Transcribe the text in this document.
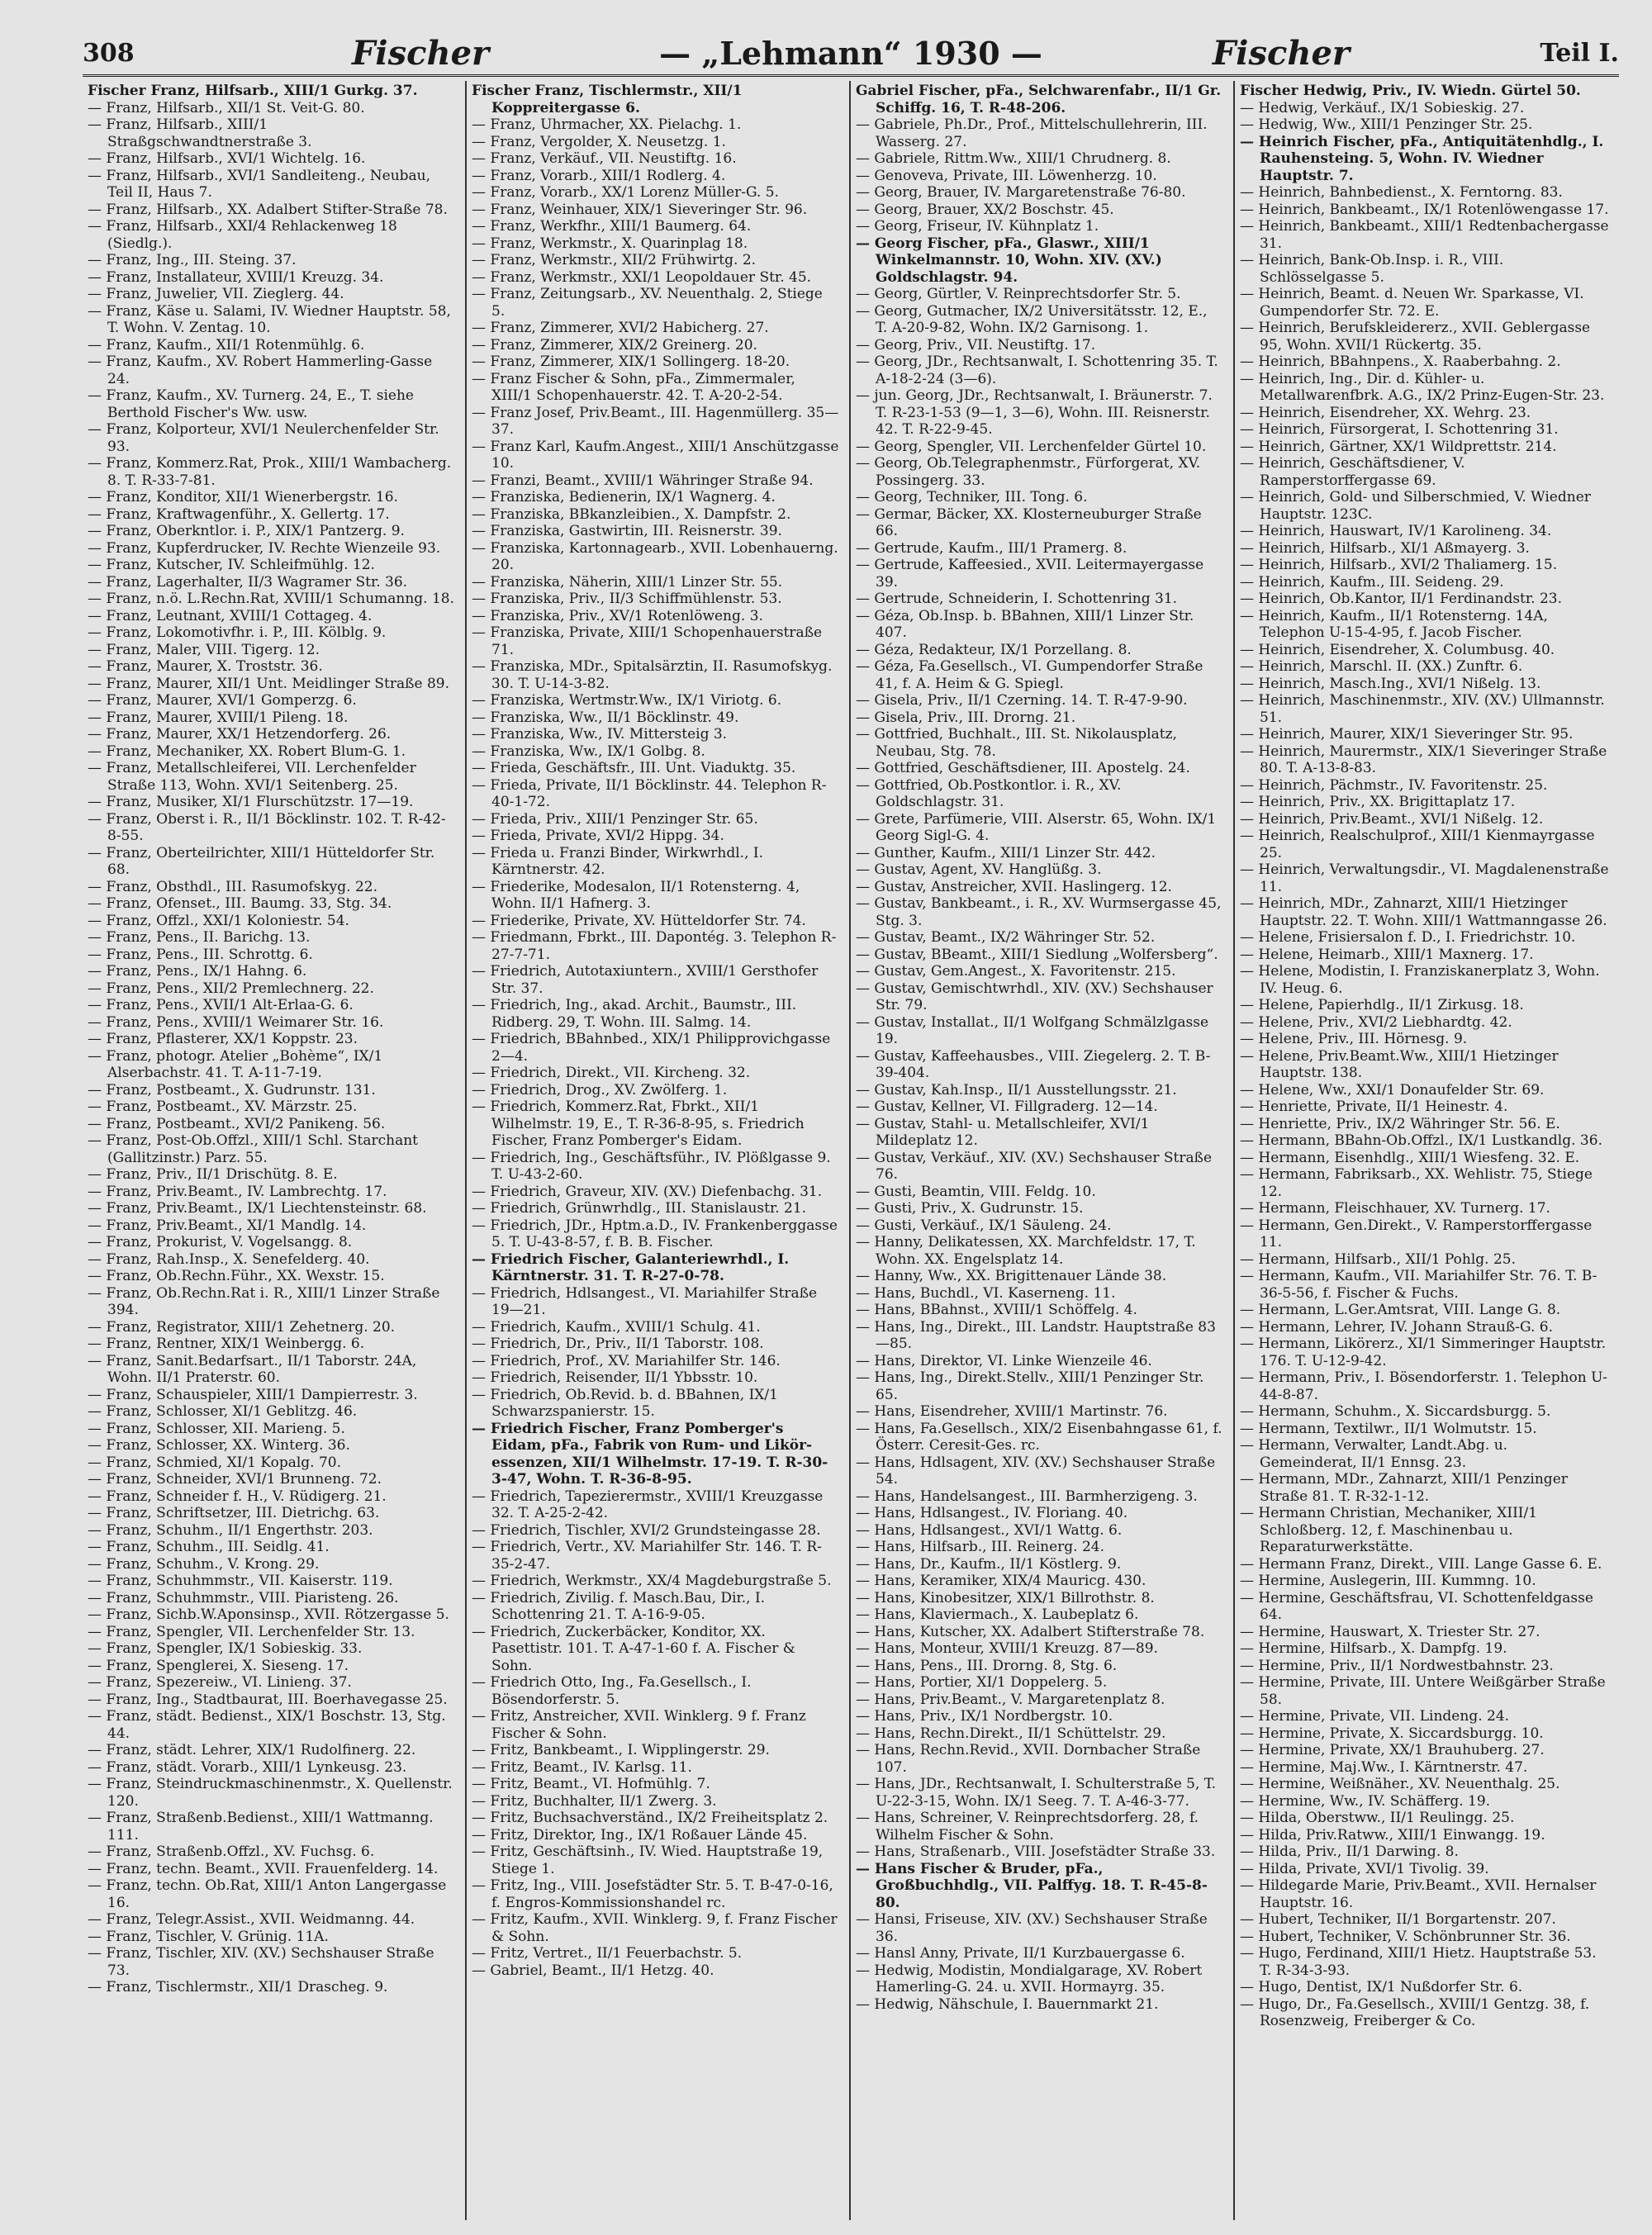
308	Fischer	— „Lehmann“ 1930 —	Fischer	Teil I.

Fischer Franz, Hilfsarb., XIII/1 Gurkg. 37.

— Franz, Hilfsarb., XII/1 St. Veit-G. 80.

— Franz, Hilfsarb., XIII/1 Straßgschwandtnerstraße 3.

— Franz, Hilfsarb., XVI/1 Wichtelg. 16.

— Franz, Hilfsarb., XVI/1 Sandleiteng., Neubau, Teil II, Haus 7.

— Franz, Hilfsarb., XX. Adalbert Stifter-Straße 78.

— Franz, Hilfsarb., XXI/4 Rehlackenweg 18 (Siedlg.).

— Franz, Ing., III. Steing. 37.

— Franz, Installateur, XVIII/1 Kreuzg. 34.

— Franz, Juwelier, VII. Zieglerg. 44.

— Franz, Käse u. Salami, IV. Wiedner Hauptstr. 58, T. Wohn. V. Zentag. 10.

— Franz, Kaufm., XII/1 Rotenmühlg. 6.

— Franz, Kaufm., XV. Robert Hammerling-Gasse 24.

— Franz, Kaufm., XV. Turnerg. 24, E., T. siehe Berthold Fischer's Ww. usw.

— Franz, Kolporteur, XVI/1 Neulerchenfelder Str. 93.

— Franz, Kommerz.Rat, Prok., XIII/1 Wambacherg. 8. T. R-33-7-81.

— Franz, Konditor, XII/1 Wienerbergstr. 16.

— Franz, Kraftwagenführ., X. Gellertg. 17.

— Franz, Oberkntlor. i. P., XIX/1 Pantzerg. 9.

— Franz, Kupferdrucker, IV. Rechte Wienzeile 93.

— Franz, Kutscher, IV. Schleifmühlg. 12.

— Franz, Lagerhalter, II/3 Wagramer Str. 36.

— Franz, n.ö. L.Rechn.Rat, XVIII/1 Schumanng. 18.

— Franz, Leutnant, XVIII/1 Cottageg. 4.

— Franz, Lokomotivfhr. i. P., III. Kölblg. 9.

— Franz, Maler, VIII. Tigerg. 12.

— Franz, Maurer, X. Troststr. 36.

— Franz, Maurer, XII/1 Unt. Meidlinger Straße 89.

— Franz, Maurer, XVI/1 Gomperzg. 6.

— Franz, Maurer, XVIII/1 Pileng. 18.

— Franz, Maurer, XX/1 Hetzendorferg. 26.

— Franz, Mechaniker, XX. Robert Blum-G. 1.

— Franz, Metallschleiferei, VII. Lerchenfelder Straße 113, Wohn. XVI/1 Seitenberg. 25.

— Franz, Musiker, XI/1 Flurschützstr. 17—19.

— Franz, Oberst i. R., II/1 Böcklinstr. 102. T. R-42-8-55.

— Franz, Oberteilrichter, XIII/1 Hütteldorfer Str. 68.

— Franz, Obsthdl., III. Rasumofskyg. 22.

— Franz, Ofenset., III. Baumg. 33, Stg. 34.

— Franz, Offzl., XXI/1 Koloniestr. 54.

— Franz, Pens., II. Barichg. 13.

— Franz, Pens., III. Schrottg. 6.

— Franz, Pens., IX/1 Hahng. 6.

— Franz, Pens., XII/2 Premlechnerg. 22.

— Franz, Pens., XVII/1 Alt-Erlaa-G. 6.

— Franz, Pens., XVIII/1 Weimarer Str. 16.

— Franz, Pflasterer, XX/1 Koppstr. 23.

— Franz, photogr. Atelier „Bohème“, IX/1 Alserbachstr. 41. T. A-11-7-19.

— Franz, Postbeamt., X. Gudrunstr. 131.

— Franz, Postbeamt., XV. Märzstr. 25.

— Franz, Postbeamt., XVI/2 Panikeng. 56.

— Franz, Post-Ob.Offzl., XIII/1 Schl. Starchant (Gallitzinstr.) Parz. 55.

— Franz, Priv., II/1 Drischütg. 8. E.

— Franz, Priv.Beamt., IV. Lambrechtg. 17.

— Franz, Priv.Beamt., IX/1 Liechtensteinstr. 68.

— Franz, Priv.Beamt., XI/1 Mandlg. 14.

— Franz, Prokurist, V. Vogelsangg. 8.

— Franz, Rah.Insp., X. Senefelderg. 40.

— Franz, Ob.Rechn.Führ., XX. Wexstr. 15.

— Franz, Ob.Rechn.Rat i. R., XIII/1 Linzer Straße 394.

— Franz, Registrator, XIII/1 Zehetnerg. 20.

— Franz, Rentner, XIX/1 Weinbergg. 6.

— Franz, Sanit.Bedarfsart., II/1 Taborstr. 24A, Wohn. II/1 Praterstr. 60.

— Franz, Schauspieler, XIII/1 Dampierrestr. 3.

— Franz, Schlosser, XI/1 Geblitzg. 46.

— Franz, Schlosser, XII. Marieng. 5.

— Franz, Schlosser, XX. Winterg. 36.

— Franz, Schmied, XI/1 Kopalg. 70.

— Franz, Schneider, XVI/1 Brunneng. 72.

— Franz, Schneider f. H., V. Rüdigerg. 21.

— Franz, Schriftsetzer, III. Dietrichg. 63.

— Franz, Schuhm., II/1 Engerthstr. 203.

— Franz, Schuhm., III. Seidlg. 41.

— Franz, Schuhm., V. Krong. 29.

— Franz, Schuhmmstr., VII. Kaiserstr. 119.

— Franz, Schuhmmstr., VIII. Piaristeng. 26.

— Franz, Sichb.W.Aponsinsp., XVII. Rötzergasse 5.

— Franz, Spengler, VII. Lerchenfelder Str. 13.

— Franz, Spengler, IX/1 Sobieskig. 33.

— Franz, Spenglerei, X. Sieseng. 17.

— Franz, Spezereiw., VI. Linieng. 37.

— Franz, Ing., Stadtbaurat, III. Boerhavegasse 25.

— Franz, städt. Bedienst., XIX/1 Boschstr. 13, Stg. 44.

— Franz, städt. Lehrer, XIX/1 Rudolfinerg. 22.

— Franz, städt. Vorarb., XIII/1 Lynkeusg. 23.

— Franz, Steindruckmaschinenmstr., X. Quellenstr. 120.

— Franz, Straßenb.Bedienst., XIII/1 Wattmanng. 111.

— Franz, Straßenb.Offzl., XV. Fuchsg. 6.

— Franz, techn. Beamt., XVII. Frauenfelderg. 14.

— Franz, techn. Ob.Rat, XIII/1 Anton Langergasse 16.

— Franz, Telegr.Assist., XVII. Weidmanng. 44.

— Franz, Tischler, V. Grünig. 11A.

— Franz, Tischler, XIV. (XV.) Sechshauser Straße 73.

— Franz, Tischlermstr., XII/1 Drascheg. 9.

Fischer Franz, Tischlermstr., XII/1 Koppreitergasse 6.

— Franz, Uhrmacher, XX. Pielachg. 1.

— Franz, Vergolder, X. Neusetzg. 1.

— Franz, Verkäuf., VII. Neustiftg. 16.

— Franz, Vorarb., XIII/1 Rodlerg. 4.

— Franz, Vorarb., XX/1 Lorenz Müller-G. 5.

— Franz, Weinhauer, XIX/1 Sieveringer Str. 96.

— Franz, Werkfhr., XIII/1 Baumerg. 64.

— Franz, Werkmstr., X. Quarinplag 18.

— Franz, Werkmstr., XII/2 Frühwirtg. 2.

— Franz, Werkmstr., XXI/1 Leopoldauer Str. 45.

— Franz, Zeitungsarb., XV. Neuenthalg. 2, Stiege 5.

— Franz, Zimmerer, XVI/2 Habicherg. 27.

— Franz, Zimmerer, XIX/2 Greinerg. 20.

— Franz, Zimmerer, XIX/1 Sollingerg. 18-20.

— Franz Fischer & Sohn, pFa., Zimmermaler, XIII/1 Schopenhauerstr. 42. T. A-20-2-54.

— Franz Josef, Priv.Beamt., III. Hagenmüllerg. 35—37.

— Franz Karl, Kaufm.Angest., XIII/1 Anschützgasse 10.

— Franzi, Beamt., XVIII/1 Währinger Straße 94.

— Franziska, Bedienerin, IX/1 Wagnerg. 4.

— Franziska, BBkanzleibien., X. Dampfstr. 2.

— Franziska, Gastwirtin, III. Reisnerstr. 39.

— Franziska, Kartonnagearb., XVII. Lobenhauerng. 20.

— Franziska, Näherin, XIII/1 Linzer Str. 55.

— Franziska, Priv., II/3 Schiffmühlenstr. 53.

— Franziska, Priv., XV/1 Rotenlöweng. 3.

— Franziska, Private, XIII/1 Schopenhauerstraße 71.

— Franziska, MDr., Spitalsärztin, II. Rasumofskyg. 30. T. U-14-3-82.

— Franziska, Wertmstr.Ww., IX/1 Viriotg. 6.

— Franziska, Ww., II/1 Böcklinstr. 49.

— Franziska, Ww., IV. Mittersteig 3.

— Franziska, Ww., IX/1 Golbg. 8.

— Frieda, Geschäftsfr., III. Unt. Viaduktg. 35.

— Frieda, Private, II/1 Böcklinstr. 44. Telephon R-40-1-72.

— Frieda, Priv., XIII/1 Penzinger Str. 65.

— Frieda, Private, XVI/2 Hippg. 34.

— Frieda u. Franzi Binder, Wirkwrhdl., I. Kärntnerstr. 42.

— Friederike, Modesalon, II/1 Rotensterng. 4, Wohn. II/1 Hafnerg. 3.

— Friederike, Private, XV. Hütteldorfer Str. 74.

— Friedmann, Fbrkt., III. Dapontég. 3. Telephon R-27-7-71.

— Friedrich, Autotaxiuntern., XVIII/1 Gersthofer Str. 37.

— Friedrich, Ing., akad. Archit., Baumstr., III. Ridberg. 29, T. Wohn. III. Salmg. 14.

— Friedrich, BBahnbed., XIX/1 Philipprovichgasse 2—4.

— Friedrich, Direkt., VII. Kircheng. 32.

— Friedrich, Drog., XV. Zwölferg. 1.

— Friedrich, Kommerz.Rat, Fbrkt., XII/1 Wilhelmstr. 19, E., T. R-36-8-95, s. Friedrich Fischer, Franz Pomberger's Eidam.

— Friedrich, Ing., Geschäftsführ., IV. Plößlgasse 9. T. U-43-2-60.

— Friedrich, Graveur, XIV. (XV.) Diefenbachg. 31.

— Friedrich, Grünwrhdlg., III. Stanislaustr. 21.

— Friedrich, JDr., Hptm.a.D., IV. Frankenberggasse 5. T. U-43-8-57, f. B. B. Fischer.

— Friedrich Fischer, Galanteriewrhdl., I. Kärntnerstr. 31. T. R-27-0-78.

— Friedrich, Hdlsangest., VI. Mariahilfer Straße 19—21.

— Friedrich, Kaufm., XVIII/1 Schulg. 41.

— Friedrich, Dr., Priv., II/1 Taborstr. 108.

— Friedrich, Prof., XV. Mariahilfer Str. 146.

— Friedrich, Reisender, II/1 Ybbsstr. 10.

— Friedrich, Ob.Revid. b. d. BBahnen, IX/1 Schwarzspanierstr. 15.

— Friedrich Fischer, Franz Pomberger's Eidam, pFa., Fabrik von Rum- und Likör-essenzen, XII/1 Wilhelmstr. 17-19. T. R-30-3-47, Wohn. T. R-36-8-95.

— Friedrich, Tapezierermstr., XVIII/1 Kreuzgasse 32. T. A-25-2-42.

— Friedrich, Tischler, XVI/2 Grundsteingasse 28.

— Friedrich, Vertr., XV. Mariahilfer Str. 146. T. R-35-2-47.

— Friedrich, Werkmstr., XX/4 Magdeburgstraße 5.

— Friedrich, Zivilig. f. Masch.Bau, Dir., I. Schottenring 21. T. A-16-9-05.

— Friedrich, Zuckerbäcker, Konditor, XX. Pasettistr. 101. T. A-47-1-60 f. A. Fischer & Sohn.

— Friedrich Otto, Ing., Fa.Gesellsch., I. Bösendorferstr. 5.

— Fritz, Anstreicher, XVII. Winklerg. 9 f. Franz Fischer & Sohn.

— Fritz, Bankbeamt., I. Wipplingerstr. 29.

— Fritz, Beamt., IV. Karlsg. 11.

— Fritz, Beamt., VI. Hofmühlg. 7.

— Fritz, Buchhalter, II/1 Zwerg. 3.

— Fritz, Buchsachverständ., IX/2 Freiheitsplatz 2.

— Fritz, Direktor, Ing., IX/1 Roßauer Lände 45.

— Fritz, Geschäftsinh., IV. Wied. Hauptstraße 19, Stiege 1.

— Fritz, Ing., VIII. Josefstädter Str. 5. T. B-47-0-16, f. Engros-Kommissionshandel rc.

— Fritz, Kaufm., XVII. Winklerg. 9, f. Franz Fischer & Sohn.

— Fritz, Vertret., II/1 Feuerbachstr. 5.

— Gabriel, Beamt., II/1 Hetzg. 40.

Gabriel Fischer, pFa., Selchwarenfabr., II/1 Gr. Schiffg. 16, T. R-48-206.

— Gabriele, Ph.Dr., Prof., Mittelschullehrerin, III. Wasserg. 27.

— Gabriele, Rittm.Ww., XIII/1 Chrudnerg. 8.

— Genoveva, Private, III. Löwenherzg. 10.

— Georg, Brauer, IV. Margaretenstraße 76-80.

— Georg, Brauer, XX/2 Boschstr. 45.

— Georg, Friseur, IV. Kühnplatz 1.

— Georg Fischer, pFa., Glaswr., XIII/1 Winkelmannstr. 10, Wohn. XIV. (XV.) Goldschlagstr. 94.

— Georg, Gürtler, V. Reinprechtsdorfer Str. 5.

— Georg, Gutmacher, IX/2 Universitätsstr. 12, E., T. A-20-9-82, Wohn. IX/2 Garnisong. 1.

— Georg, Priv., VII. Neustiftg. 17.

— Georg, JDr., Rechtsanwalt, I. Schottenring 35. T. A-18-2-24 (3—6).

— jun. Georg, JDr., Rechtsanwalt, I. Bräunerstr. 7. T. R-23-1-53 (9—1, 3—6), Wohn. III. Reisnerstr. 42. T. R-22-9-45.

— Georg, Spengler, VII. Lerchenfelder Gürtel 10.

— Georg, Ob.Telegraphenmstr., Fürforgerat, XV. Possingerg. 33.

— Georg, Techniker, III. Tong. 6.

— Germar, Bäcker, XX. Klosterneuburger Straße 66.

— Gertrude, Kaufm., III/1 Pramerg. 8.

— Gertrude, Kaffeesied., XVII. Leitermayergasse 39.

— Gertrude, Schneiderin, I. Schottenring 31.

— Géza, Ob.Insp. b. BBahnen, XIII/1 Linzer Str. 407.

— Géza, Redakteur, IX/1 Porzellang. 8.

— Géza, Fa.Gesellsch., VI. Gumpendorfer Straße 41, f. A. Heim & G. Spiegl.

— Gisela, Priv., II/1 Czerning. 14. T. R-47-9-90.

— Gisela, Priv., III. Drorng. 21.

— Gottfried, Buchhalt., III. St. Nikolausplatz, Neubau, Stg. 78.

— Gottfried, Geschäftsdiener, III. Apostelg. 24.

— Gottfried, Ob.Postkontlor. i. R., XV. Goldschlagstr. 31.

— Grete, Parfümerie, VIII. Alserstr. 65, Wohn. IX/1 Georg Sigl-G. 4.

— Gunther, Kaufm., XIII/1 Linzer Str. 442.

— Gustav, Agent, XV. Hanglüßg. 3.

— Gustav, Anstreicher, XVII. Haslingerg. 12.

— Gustav, Bankbeamt., i. R., XV. Wurmsergasse 45, Stg. 3.

— Gustav, Beamt., IX/2 Währinger Str. 52.

— Gustav, BBeamt., XIII/1 Siedlung „Wolfersberg“.

— Gustav, Gem.Angest., X. Favoritenstr. 215.

— Gustav, Gemischtwrhdl., XIV. (XV.) Sechshauser Str. 79.

— Gustav, Installat., II/1 Wolfgang Schmälzlgasse 19.

— Gustav, Kaffeehausbes., VIII. Ziegelerg. 2. T. B-39-404.

— Gustav, Kah.Insp., II/1 Ausstellungsstr. 21.

— Gustav, Kellner, VI. Fillgraderg. 12—14.

— Gustav, Stahl- u. Metallschleifer, XVI/1 Mildeplatz 12.

— Gustav, Verkäuf., XIV. (XV.) Sechshauser Straße 76.

— Gusti, Beamtin, VIII. Feldg. 10.

— Gusti, Priv., X. Gudrunstr. 15.

— Gusti, Verkäuf., IX/1 Säuleng. 24.

— Hanny, Delikatessen, XX. Marchfeldstr. 17, T. Wohn. XX. Engelsplatz 14.

— Hanny, Ww., XX. Brigittenauer Lände 38.

— Hans, Buchdl., VI. Kaserneng. 11.

— Hans, BBahnst., XVIII/1 Schöffelg. 4.

— Hans, Ing., Direkt., III. Landstr. Hauptstraße 83—85.

— Hans, Direktor, VI. Linke Wienzeile 46.

— Hans, Ing., Direkt.Stellv., XIII/1 Penzinger Str. 65.

— Hans, Eisendreher, XVIII/1 Martinstr. 76.

— Hans, Fa.Gesellsch., XIX/2 Eisenbahngasse 61, f. Österr. Ceresit-Ges. rc.

— Hans, Hdlsagent, XIV. (XV.) Sechshauser Straße 54.

— Hans, Handelsangest., III. Barmherzigeng. 3.

— Hans, Hdlsangest., IV. Floriang. 40.

— Hans, Hdlsangest., XVI/1 Wattg. 6.

— Hans, Hilfsarb., III. Reinerg. 24.

— Hans, Dr., Kaufm., II/1 Köstlerg. 9.

— Hans, Keramiker, XIX/4 Mauricg. 430.

— Hans, Kinobesitzer, XIX/1 Billrothstr. 8.

— Hans, Klaviermach., X. Laubeplatz 6.

— Hans, Kutscher, XX. Adalbert Stifterstraße 78.

— Hans, Monteur, XVIII/1 Kreuzg. 87—89.

— Hans, Pens., III. Drorng. 8, Stg. 6.

— Hans, Portier, XI/1 Doppelerg. 5.

— Hans, Priv.Beamt., V. Margaretenplatz 8.

— Hans, Priv., IX/1 Nordbergstr. 10.

— Hans, Rechn.Direkt., II/1 Schüttelstr. 29.

— Hans, Rechn.Revid., XVII. Dornbacher Straße 107.

— Hans, JDr., Rechtsanwalt, I. Schulterstraße 5, T. U-22-3-15, Wohn. IX/1 Seeg. 7. T. A-46-3-77.

— Hans, Schreiner, V. Reinprechtsdorferg. 28, f. Wilhelm Fischer & Sohn.

— Hans, Straßenarb., VIII. Josefstädter Straße 33.

— Hans Fischer & Bruder, pFa., Großbuchhdlg., VII. Palffyg. 18. T. R-45-8-80.

— Hansi, Friseuse, XIV. (XV.) Sechshauser Straße 36.

— Hansl Anny, Private, II/1 Kurzbauergasse 6.

— Hedwig, Modistin, Mondialgarage, XV. Robert Hamerling-G. 24. u. XVII. Hormayrg. 35.

— Hedwig, Nähschule, I. Bauernmarkt 21.

Fischer Hedwig, Priv., IV. Wiedn. Gürtel 50.

— Hedwig, Verkäuf., IX/1 Sobieskig. 27.

— Hedwig, Ww., XIII/1 Penzinger Str. 25.

— Heinrich Fischer, pFa., Antiquitätenhdlg., I. Rauhensteing. 5, Wohn. IV. Wiedner Hauptstr. 7.

— Heinrich, Bahnbedienst., X. Ferntorng. 83.

— Heinrich, Bankbeamt., IX/1 Rotenlöwengasse 17.

— Heinrich, Bankbeamt., XIII/1 Redtenbachergasse 31.

— Heinrich, Bank-Ob.Insp. i. R., VIII. Schlösselgasse 5.

— Heinrich, Beamt. d. Neuen Wr. Sparkasse, VI. Gumpendorfer Str. 72. E.

— Heinrich, Berufskleidererz., XVII. Geblergasse 95, Wohn. XVII/1 Rückertg. 35.

— Heinrich, BBahnpens., X. Raaberbahng. 2.

— Heinrich, Ing., Dir. d. Kühler- u. Metallwarenfbrk. A.G., IX/2 Prinz-Eugen-Str. 23.

— Heinrich, Eisendreher, XX. Wehrg. 23.

— Heinrich, Fürsorgerat, I. Schottenring 31.

— Heinrich, Gärtner, XX/1 Wildprettstr. 214.

— Heinrich, Geschäftsdiener, V. Ramperstorffergasse 69.

— Heinrich, Gold- und Silberschmied, V. Wiedner Hauptstr. 123C.

— Heinrich, Hauswart, IV/1 Karolineng. 34.

— Heinrich, Hilfsarb., XI/1 Aßmayerg. 3.

— Heinrich, Hilfsarb., XVI/2 Thaliamerg. 15.

— Heinrich, Kaufm., III. Seideng. 29.

— Heinrich, Ob.Kantor, II/1 Ferdinandstr. 23.

— Heinrich, Kaufm., II/1 Rotensterng. 14A, Telephon U-15-4-95, f. Jacob Fischer.

— Heinrich, Eisendreher, X. Columbusg. 40.

— Heinrich, Marschl. II. (XX.) Zunftr. 6.

— Heinrich, Masch.Ing., XVI/1 Nißelg. 13.

— Heinrich, Maschinenmstr., XIV. (XV.) Ullmannstr. 51.

— Heinrich, Maurer, XIX/1 Sieveringer Str. 95.

— Heinrich, Maurermstr., XIX/1 Sieveringer Straße 80. T. A-13-8-83.

— Heinrich, Pächmstr., IV. Favoritenstr. 25.

— Heinrich, Priv., XX. Brigittaplatz 17.

— Heinrich, Priv.Beamt., XVI/1 Nißelg. 12.

— Heinrich, Realschulprof., XIII/1 Kienmayrgasse 25.

— Heinrich, Verwaltungsdir., VI. Magdalenenstraße 11.

— Heinrich, MDr., Zahnarzt, XIII/1 Hietzinger Hauptstr. 22. T. Wohn. XIII/1 Wattmanngasse 26.

— Helene, Frisiersalon f. D., I. Friedrichstr. 10.

— Helene, Heimarb., XIII/1 Maxnerg. 17.

— Helene, Modistin, I. Franziskanerplatz 3, Wohn. IV. Heug. 6.

— Helene, Papierhdlg., II/1 Zirkusg. 18.

— Helene, Priv., XVI/2 Liebhardtg. 42.

— Helene, Priv., III. Hörnesg. 9.

— Helene, Priv.Beamt.Ww., XIII/1 Hietzinger Hauptstr. 138.

— Helene, Ww., XXI/1 Donaufelder Str. 69.

— Henriette, Private, II/1 Heinestr. 4.

— Henriette, Priv., IX/2 Währinger Str. 56. E.

— Hermann, BBahn-Ob.Offzl., IX/1 Lustkandlg. 36.

— Hermann, Eisenhdlg., XIII/1 Wiesfeng. 32. E.

— Hermann, Fabriksarb., XX. Wehlistr. 75, Stiege 12.

— Hermann, Fleischhauer, XV. Turnerg. 17.

— Hermann, Gen.Direkt., V. Ramperstorffergasse 11.

— Hermann, Hilfsarb., XII/1 Pohlg. 25.

— Hermann, Kaufm., VII. Mariahilfer Str. 76. T. B-36-5-56, f. Fischer & Fuchs.

— Hermann, L.Ger.Amtsrat, VIII. Lange G. 8.

— Hermann, Lehrer, IV. Johann Strauß-G. 6.

— Hermann, Likörerz., XI/1 Simmeringer Hauptstr. 176. T. U-12-9-42.

— Hermann, Priv., I. Bösendorferstr. 1. Telephon U-44-8-87.

— Hermann, Schuhm., X. Siccardsburgg. 5.

— Hermann, Textilwr., II/1 Wolmutstr. 15.

— Hermann, Verwalter, Landt.Abg. u. Gemeinderat, II/1 Ennsg. 23.

— Hermann, MDr., Zahnarzt, XIII/1 Penzinger Straße 81. T. R-32-1-12.

— Hermann Christian, Mechaniker, XIII/1 Schloßberg. 12, f. Maschinenbau u. Reparaturwerkstätte.

— Hermann Franz, Direkt., VIII. Lange Gasse 6. E.

— Hermine, Auslegerin, III. Kummng. 10.

— Hermine, Geschäftsfrau, VI. Schottenfeldgasse 64.

— Hermine, Hauswart, X. Triester Str. 27.

— Hermine, Hilfsarb., X. Dampfg. 19.

— Hermine, Priv., II/1 Nordwestbahnstr. 23.

— Hermine, Private, III. Untere Weißgärber Straße 58.

— Hermine, Private, VII. Lindeng. 24.

— Hermine, Private, X. Siccardsburgg. 10.

— Hermine, Private, XX/1 Brauhuberg. 27.

— Hermine, Maj.Ww., I. Kärntnerstr. 47.

— Hermine, Weißnäher., XV. Neuenthalg. 25.

— Hermine, Ww., IV. Schäfferg. 19.

— Hilda, Oberstww., II/1 Reulingg. 25.

— Hilda, Priv.Ratww., XIII/1 Einwangg. 19.

— Hilda, Priv., II/1 Darwing. 8.

— Hilda, Private, XVI/1 Tivolig. 39.

— Hildegarde Marie, Priv.Beamt., XVII. Hernalser Hauptstr. 16.

— Hubert, Techniker, II/1 Borgartenstr. 207.

— Hubert, Techniker, V. Schönbrunner Str. 36.

— Hugo, Ferdinand, XIII/1 Hietz. Hauptstraße 53. T. R-34-3-93.

— Hugo, Dentist, IX/1 Nußdorfer Str. 6.

— Hugo, Dr., Fa.Gesellsch., XVIII/1 Gentzg. 38, f. Rosenzweig, Freiberger & Co.
